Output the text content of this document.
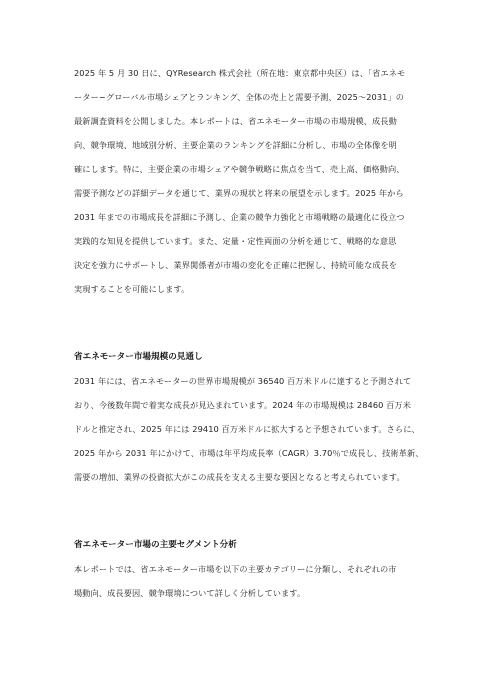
2025 年 5 月 30 日に、QYResearch 株式会社（所在地：東京都中央区）は、「省エネモ
ーター−グローバル市場シェアとランキング、全体の売上と需要予測、2025〜2031」の
最新調査資料を公開しました。本レポートは、省エネモーター市場の市場規模、成長動
向、競争環境、地域別分析、主要企業のランキングを詳細に分析し、市場の全体像を明
確にします。特に、主要企業の市場シェアや競争戦略に焦点を当て、売上高、価格動向、
需要予測などの詳細データを通じて、業界の現状と将来の展望を示します。2025 年から
2031 年までの市場成長を詳細に予測し、企業の競争力強化と市場戦略の最適化に役立つ
実践的な知見を提供しています。また、定量・定性両面の分析を通じて、戦略的な意思
決定を強力にサポートし、業界関係者が市場の変化を正確に把握し、持続可能な成長を
実現することを可能にします。
省エネモーター市場規模の見通し
2031 年には、省エネモーターの世界市場規模が 36540 百万米ドルに達すると予測されて
おり、今後数年間で着実な成長が見込まれています。2024 年の市場規模は 28460 百万米
ドルと推定され、2025 年には 29410 百万米ドルに拡大すると予想されています。さらに、
2025 年から 2031 年にかけて、市場は年平均成長率（CAGR）3.70％で成長し、技術革新、
需要の増加、業界の投資拡大がこの成長を支える主要な要因となると考えられています。
省エネモーター市場の主要セグメント分析
本レポートでは、省エネモーター市場を以下の主要カテゴリーに分類し、それぞれの市
場動向、成長要因、競争環境について詳しく分析しています。
